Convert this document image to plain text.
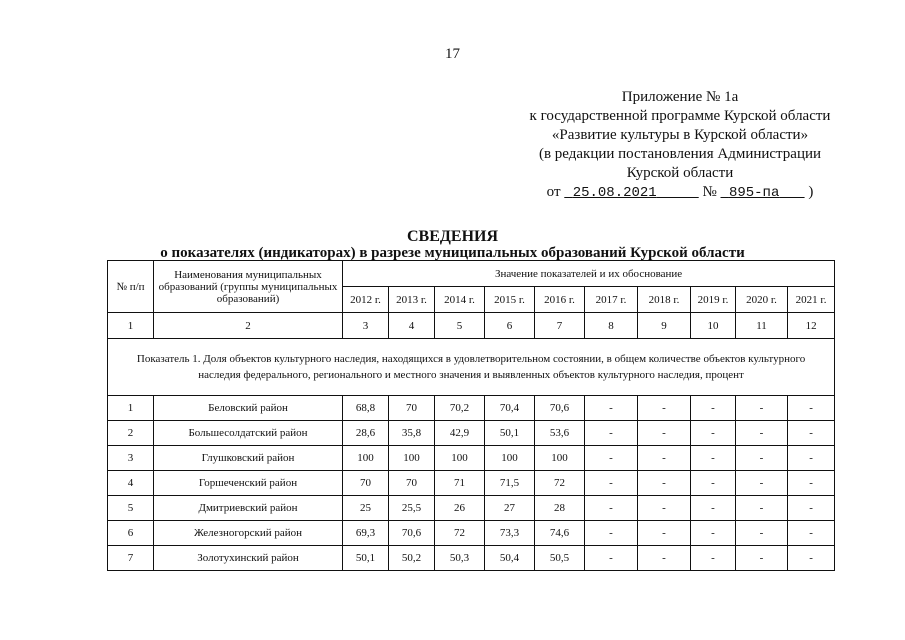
17
Приложение № 1а
к государственной программе Курской области
«Развитие культуры в Курской области»
(в редакции постановления Администрации
Курской области
от 25.08.2021	№ 895-па )
СВЕДЕНИЯ
о показателях (индикаторах) в разрезе муниципальных образований Курской области
№ п/п	Наименования муниципальных образований (группы муниципальных образований)	Значение показателей и их обоснование									
		2012 г.	2013 г.	2014 г.	2015 г.	2016 г.	2017 г.	2018 г.	2019 г.	2020 г.	2021 г.
1	2	3	4	5	6	7	8	9	10	11	12
Показатель 1. Доля объектов культурного наследия, находящихся в удовлетворительном состоянии, в общем количестве объектов культурного наследия федерального, регионального и местного значения и выявленных объектов культурного наследия, процент											
1	Беловский район	68,8	70	70,2	70,4	70,6	-	-	-	-	-
2	Большесолдатский район	28,6	35,8	42,9	50,1	53,6	-	-	-	-	-
3	Глушковский район	100	100	100	100	100	-	-	-	-	-
4	Горшеченский район	70	70	71	71,5	72	-	-	-	-	-
5	Дмитриевский район	25	25,5	26	27	28	-	-	-	-	-
6	Железногорский район	69,3	70,6	72	73,3	74,6	-	-	-	-	-
7	Золотухинский район	50,1	50,2	50,3	50,4	50,5	-	-	-	-	-
